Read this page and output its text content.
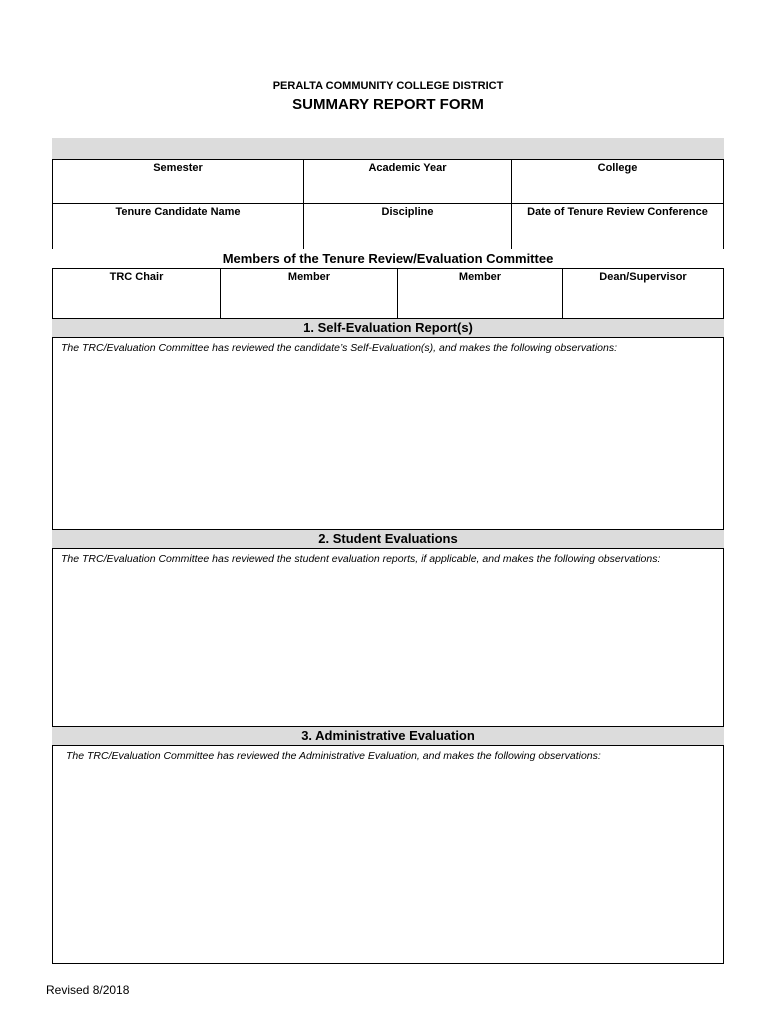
PERALTA COMMUNITY COLLEGE DISTRICT
SUMMARY REPORT FORM
Semester	Academic Year	College
Tenure Candidate Name	Discipline	Date of Tenure Review Conference
Members of the Tenure Review/Evaluation Committee
TRC Chair	Member	Member	Dean/Supervisor
1. Self-Evaluation Report(s)
The TRC/Evaluation Committee has reviewed the candidate’s Self-Evaluation(s), and makes the following observations:
2. Student Evaluations
The TRC/Evaluation Committee has reviewed the student evaluation reports, if applicable, and makes the following observations:
3. Administrative Evaluation
The TRC/Evaluation Committee has reviewed the Administrative Evaluation, and makes the following observations:
Revised 8/2018
